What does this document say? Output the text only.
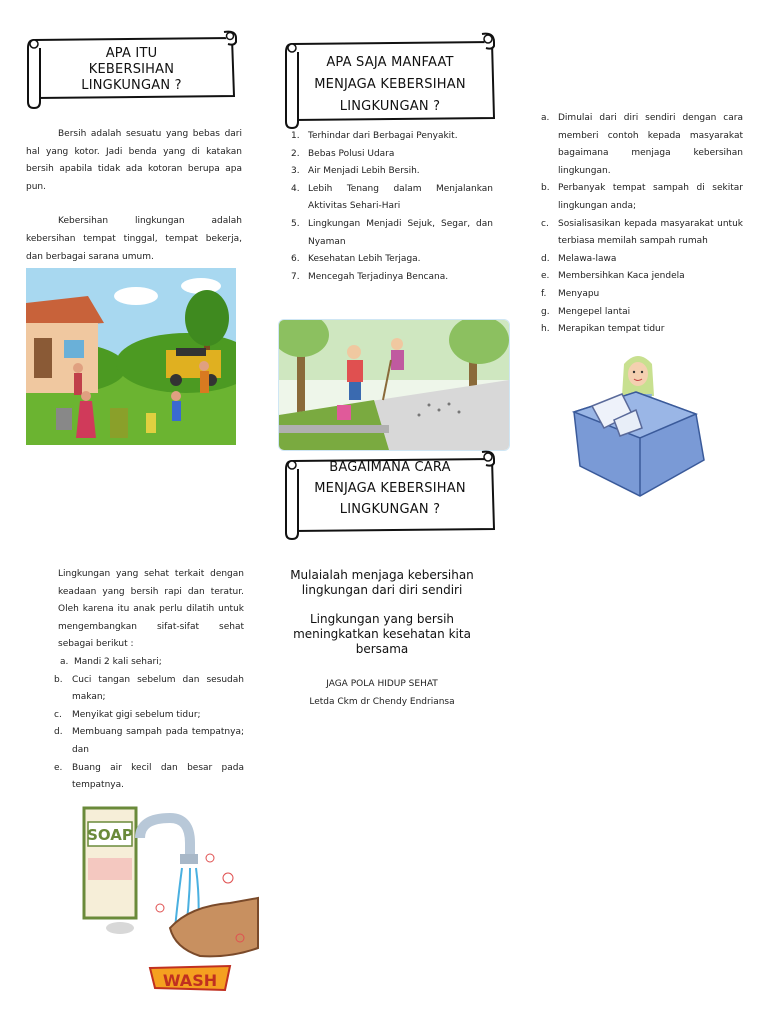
APA ITU
KEBERSIHAN
LINGKUNGAN ?

Bersih adalah sesuatu yang bebas dari hal yang kotor. Jadi benda yang di katakan bersih apabila tidak ada kotoran berupa apa pun.

Kebersihan lingkungan adalah kebersihan tempat tinggal, tempat bekerja, dan berbagai sarana umum.

Lingkungan yang sehat terkait dengan keadaan yang bersih rapi dan teratur. Oleh karena itu anak perlu dilatih untuk mengembangkan sifat-sifat sehat sebagai berikut :

a. Mandi 2 kali sehari;
b. Cuci tangan sebelum dan sesudah makan;
c. Menyikat gigi sebelum tidur;
d. Membuang sampah pada tempatnya; dan
e. Buang air kecil dan besar pada tempatnya.
SOAP
WASH
APA SAJA MANFAAT
MENJAGA KEBERSIHAN
LINGKUNGAN ?
1. Terhindar dari Berbagai Penyakit.
2. Bebas Polusi Udara
3. Air Menjadi Lebih Bersih.
4. Lebih Tenang dalam Menjalankan Aktivitas Sehari-Hari
5. Lingkungan Menjadi Sejuk, Segar, dan Nyaman
6. Kesehatan Lebih Terjaga.
7. Mencegah Terjadinya Bencana.
BAGAIMANA CARA
MENJAGA KEBERSIHAN
LINGKUNGAN ?
Mulaialah menjaga kebersihan lingkungan dari diri sendiri
Lingkungan yang bersih meningkatkan kesehatan kita bersama
JAGA POLA HIDUP SEHAT
Letda Ckm dr Chendy Endriansa
a. Dimulai dari diri sendiri dengan cara memberi contoh kepada masyarakat bagaimana menjaga kebersihan lingkungan.
b. Perbanyak tempat sampah di sekitar lingkungan anda;
c. Sosialisasikan kepada masyarakat untuk terbiasa memilah sampah rumah
d. Melawa-lawa
e. Membersihkan Kaca jendela
f. Menyapu
g. Mengepel lantai
h. Merapikan tempat tidur
